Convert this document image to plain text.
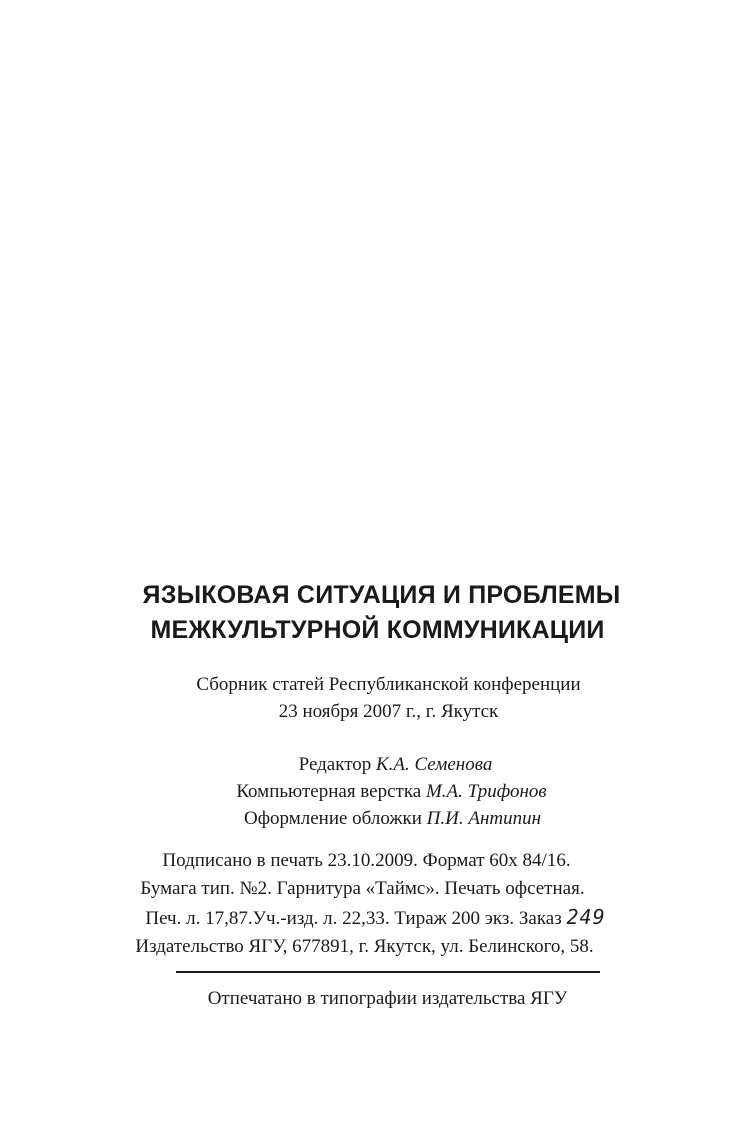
ЯЗЫКОВАЯ СИТУАЦИЯ И ПРОБЛЕМЫ
МЕЖКУЛЬТУРНОЙ КОММУНИКАЦИИ
Сборник статей Республиканской конференции
23 ноября 2007 г., г. Якутск
Редактор К.А. Семенова
Компьютерная верстка М.А. Трифонов
Оформление обложки П.И. Антипин
Подписано в печать 23.10.2009. Формат 60х 84/16.
Бумага тип. №2. Гарнитура «Таймс». Печать офсетная.
Печ. л. 17,87.Уч.-изд. л. 22,33. Тираж 200 экз. Заказ 249
Издательство ЯГУ, 677891, г. Якутск, ул. Белинского, 58.
Отпечатано в типографии издательства ЯГУ
